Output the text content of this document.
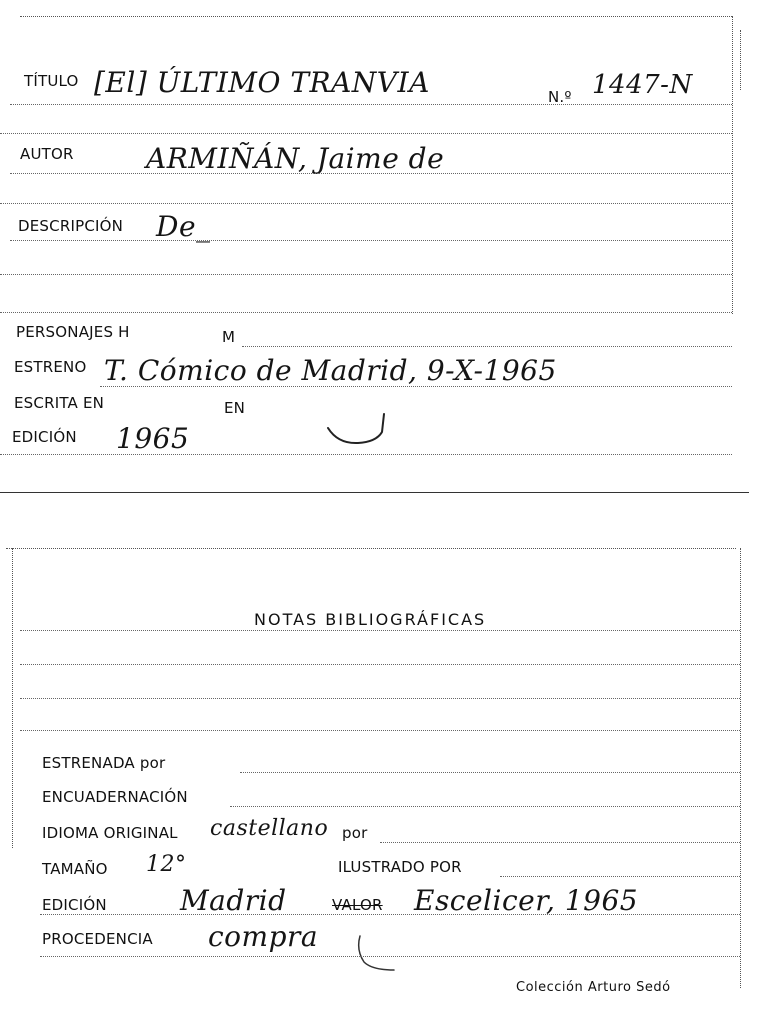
TÍTULO [El] ÚLTIMO TRANVIA	N.º 1447-N
AUTOR	ARMIÑÁN, Jaime de
DESCRIPCIÓN De_
PERSONAJES H	M
ESTRENO T. Cómico de Madrid, 9-X-1965
ESCRITA EN	EN
EDICIÓN 1965
NOTAS BIBLIOGRÁFICAS
ESTRENADA por
ENCUADERNACIÓN
IDIOMA ORIGINAL castellano por
TAMAÑO 12°	ILUSTRADO POR
EDICIÓN	Madrid	VALOR Escelicer, 1965
PROCEDENCIA compra
Colección Arturo Sedó
